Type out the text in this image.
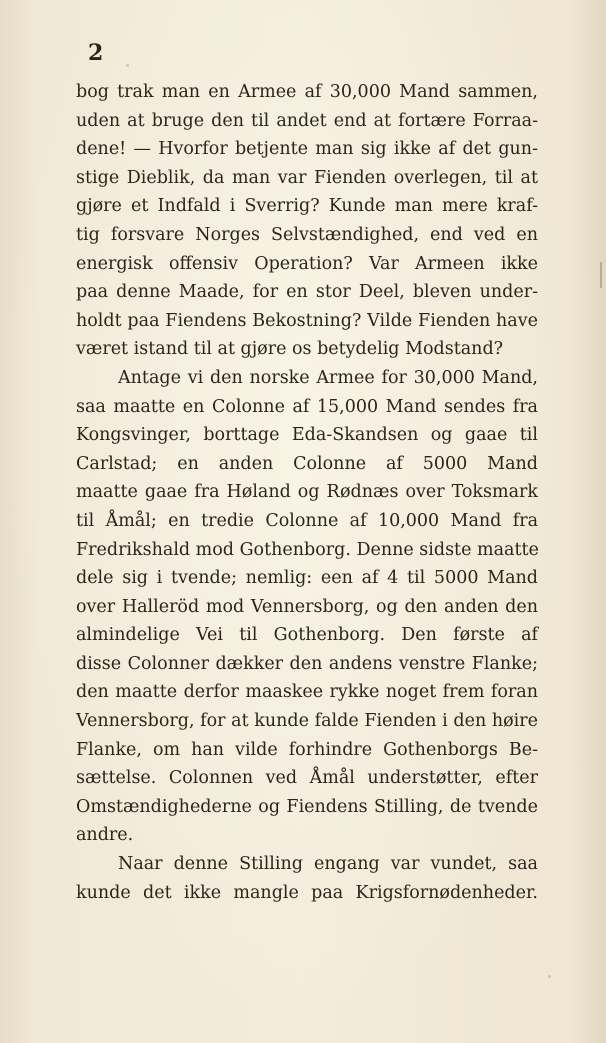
2
bog trak man en Armee af 30,000 Mand sammen,
uden at bruge den til andet end at fortære Forraa-
dene! — Hvorfor betjente man sig ikke af det gun-
stige Dieblik, da man var Fienden overlegen, til at
gjøre et Indfald i Sverrig? Kunde man mere kraf-
tig forsvare Norges Selvstændighed, end ved en
energisk offensiv Operation? Var Armeen ikke
paa denne Maade, for en stor Deel, bleven under-
holdt paa Fiendens Bekostning? Vilde Fienden have
været istand til at gjøre os betydelig Modstand?
Antage vi den norske Armee for 30,000 Mand,
saa maatte en Colonne af 15,000 Mand sendes fra
Kongsvinger, borttage Eda-Skandsen og gaae til
Carlstad; en anden Colonne af 5000 Mand
maatte gaae fra Høland og Rødnæs over Toksmark
til Åmål; en tredie Colonne af 10,000 Mand fra
Fredrikshald mod Gothenborg. Denne sidste maatte
dele sig i tvende; nemlig: een af 4 til 5000 Mand
over Halleröd mod Vennersborg, og den anden den
almindelige Vei til Gothenborg. Den første af
disse Colonner dækker den andens venstre Flanke;
den maatte derfor maaskee rykke noget frem foran
Vennersborg, for at kunde falde Fienden i den høire
Flanke, om han vilde forhindre Gothenborgs Be-
sættelse. Colonnen ved Åmål understøtter, efter
Omstændighederne og Fiendens Stilling, de tvende
andre.
Naar denne Stilling engang var vundet, saa
kunde det ikke mangle paa Krigsfornødenheder.
